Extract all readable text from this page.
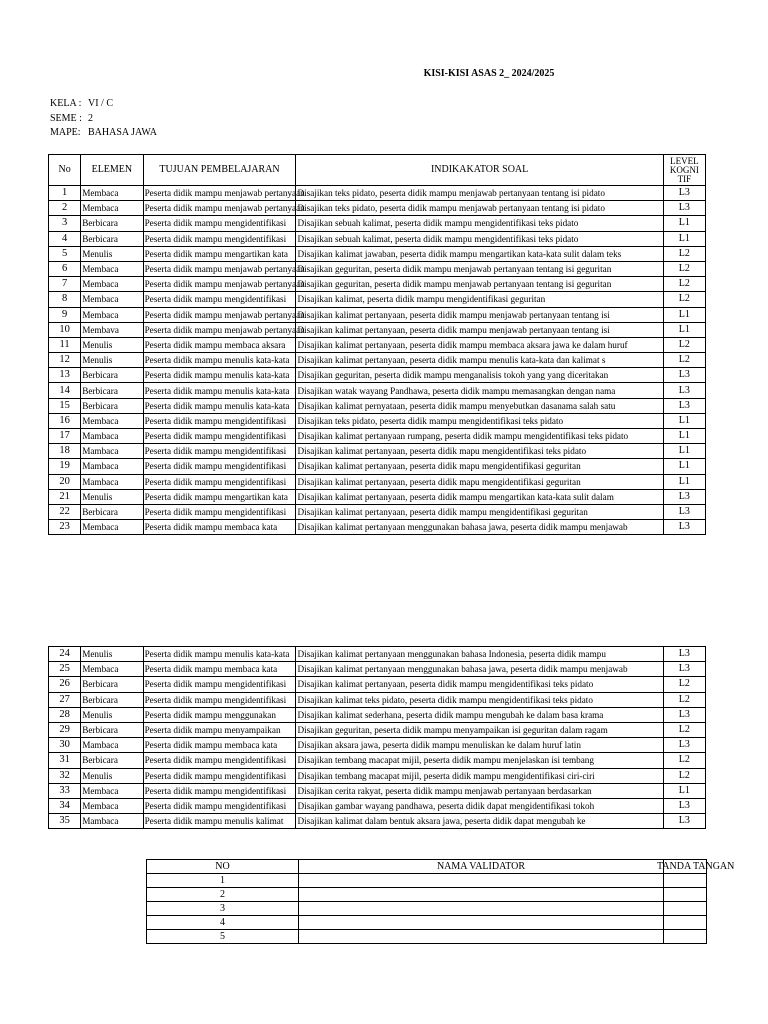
KISI-KISI ASAS 2_ 2024/2025
KELA : VI / C
SEME : 2
MAPE: BAHASA JAWA
No	ELEMEN	TUJUAN PEMBELAJARAN	INDIKAKATOR SOAL	LEVEL KOGNI TIF
1	Membaca	Peserta didik mampu menjawab pertanyaan	Disajikan teks pidato, peserta didik mampu menjawab pertanyaan tentang isi pidato	L3
2	Membaca	Peserta didik mampu menjawab pertanyaan	Disajikan teks pidato, peserta didik mampu menjawab pertanyaan tentang isi pidato	L3
3	Berbicara	Peserta didik mampu mengidentifikasi	Disajikan sebuah kalimat, peserta didik mampu mengidentifikasi teks pidato	L1
4	Berbicara	Peserta didik mampu mengidentifikasi	Disajikan sebuah kalimat, peserta didik mampu mengidentifikasi teks pidato	L1
5	Menulis	Peserta didik mampu mengartikan kata	Disajikan kalimat jawaban, peserta didik mampu mengartikan kata-kata sulit dalam teks	L2
6	Membaca	Peserta didik mampu menjawab pertanyaan	Disajikan geguritan, peserta didik mampu menjawab pertanyaan tentang isi geguritan	L2
7	Membaca	Peserta didik mampu menjawab pertanyaan	Disajikan geguritan, peserta didik mampu menjawab pertanyaan tentang isi geguritan	L2
8	Membaca	Peserta didik mampu mengidentifikasi	Disajikan kalimat, peserta didik mampu mengidentifikasi geguritan	L2
9	Membaca	Peserta didik mampu menjawab pertanyaan	Disajikan kalimat pertanyaan, peserta didik mampu menjawab pertanyaan tentang isi	L1
10	Membava	Peserta didik mampu menjawab pertanyaan	Disajikan kalimat pertanyaan, peserta didik mampu menjawab pertanyaan tentang isi	L1
11	Menulis	Peserta didik mampu membaca aksara	Disajikan kalimat pertanyaan, peserta didik mampu membaca aksara jawa ke dalam huruf	L2
12	Menulis	Peserta didik mampu menulis kata-kata	Disajikan kalimat pertanyaan, peserta didik mampu menulis kata-kata dan kalimat s	L2
13	Berbicara	Peserta didik mampu menulis kata-kata	Disajikan geguritan, peserta didik mampu menganalisis tokoh yang yang diceritakan	L3
14	Berbicara	Peserta didik mampu menulis kata-kata	Disajikan watak wayang Pandhawa, peserta didik mampu memasangkan dengan nama	L3
15	Berbicara	Peserta didik mampu menulis kata-kata	Disajikan kalimat pernyataan, peserta didik mampu menyebutkan dasanama salah satu	L3
16	Membaca	Peserta didik mampu mengidentifikasi	Disajikan teks pidato, peserta didik mampu mengidentifikasi teks pidato	L1
17	Mambaca	Peserta didik mampu mengidentifikasi	Disajikan kalimat pertanyaan rumpang, peserta didik mampu mengidentifikasi teks pidato	L1
18	Mambaca	Peserta didik mampu mengidentifikasi	Disajikan kalimat pertanyaan, peserta didik mapu mengidentifikasi teks pidato	L1
19	Mambaca	Peserta didik mampu mengidentifikasi	Disajikan kalimat pertanyaan, peserta didik mapu mengidentifikasi geguritan	L1
20	Mambaca	Peserta didik mampu mengidentifikasi	Disajikan kalimat pertanyaan, peserta didik mapu mengidentifikasi geguritan	L1
21	Menulis	Peserta didik mampu mengartikan kata	Disajikan kalimat pertanyaan, peserta didik mampu mengartikan kata-kata sulit dalam	L3
22	Berbicara	Peserta didik mampu mengidentifikasi	Disajikan kalimat pertanyaan, peserta didik mampu mengidentifikasi geguritan	L3
23	Membaca	Peserta didik mampu membaca kata	Disajikan kalimat pertanyaan menggunakan bahasa jawa, peserta didik mampu menjawab	L3
24	Menulis	Peserta didik mampu menulis kata-kata	Disajikan kalimat pertanyaan menggunakan bahasa Indonesia, peserta didik mampu	L3
25	Membaca	Peserta didik mampu membaca kata	Disajikan kalimat pertanyaan menggunakan bahasa jawa, peserta didik mampu menjawab	L3
26	Berbicara	Peserta didik mampu mengidentifikasi	Disajikan kalimat pertanyaan, peserta didik mampu mengidentifikasi teks pidato	L2
27	Berbicara	Peserta didik mampu mengidentifikasi	Disajikan kalimat teks pidato, peserta didik mampu mengidentifikasi teks pidato	L2
28	Menulis	Peserta didik mampu menggunakan	Disajikan kalimat sederhana, peserta didik mampu mengubah ke dalam basa krama	L3
29	Berbicara	Peserta didik mampu menyampaikan	Disajikan geguritan, peserta didik mampu menyampaikan isi geguritan dalam ragam	L2
30	Mambaca	Peserta didik mampu membaca kata	Disajikan aksara jawa, peserta didik mampu menuliskan ke dalam huruf latin	L3
31	Berbicara	Peserta didik mampu mengidentifikasi	Disajikan tembang macapat mijil, peserta didik mampu menjelaskan isi tembang	L2
32	Menulis	Peserta didik mampu mengidentifikasi	Disajikan tembang macapat mijil, peserta didik mampu mengidentifikasi ciri-ciri	L2
33	Membaca	Peserta didik mampu mengidentifikasi	Disajikan cerita rakyat, peserta didik mampu menjawab pertanyaan berdasarkan	L1
34	Membaca	Peserta didik mampu mengidentifikasi	Disajikan gambar wayang pandhawa, peserta didik dapat mengidentifikasi tokoh	L3
35	Mambaca	Peserta didik mampu menulis kalimat	Disajikan kalimat dalam bentuk aksara jawa, peserta didik dapat mengubah ke	L3
NO	NAMA VALIDATOR	TANDA TANGAN
1		
2		
3		
4		
5		
